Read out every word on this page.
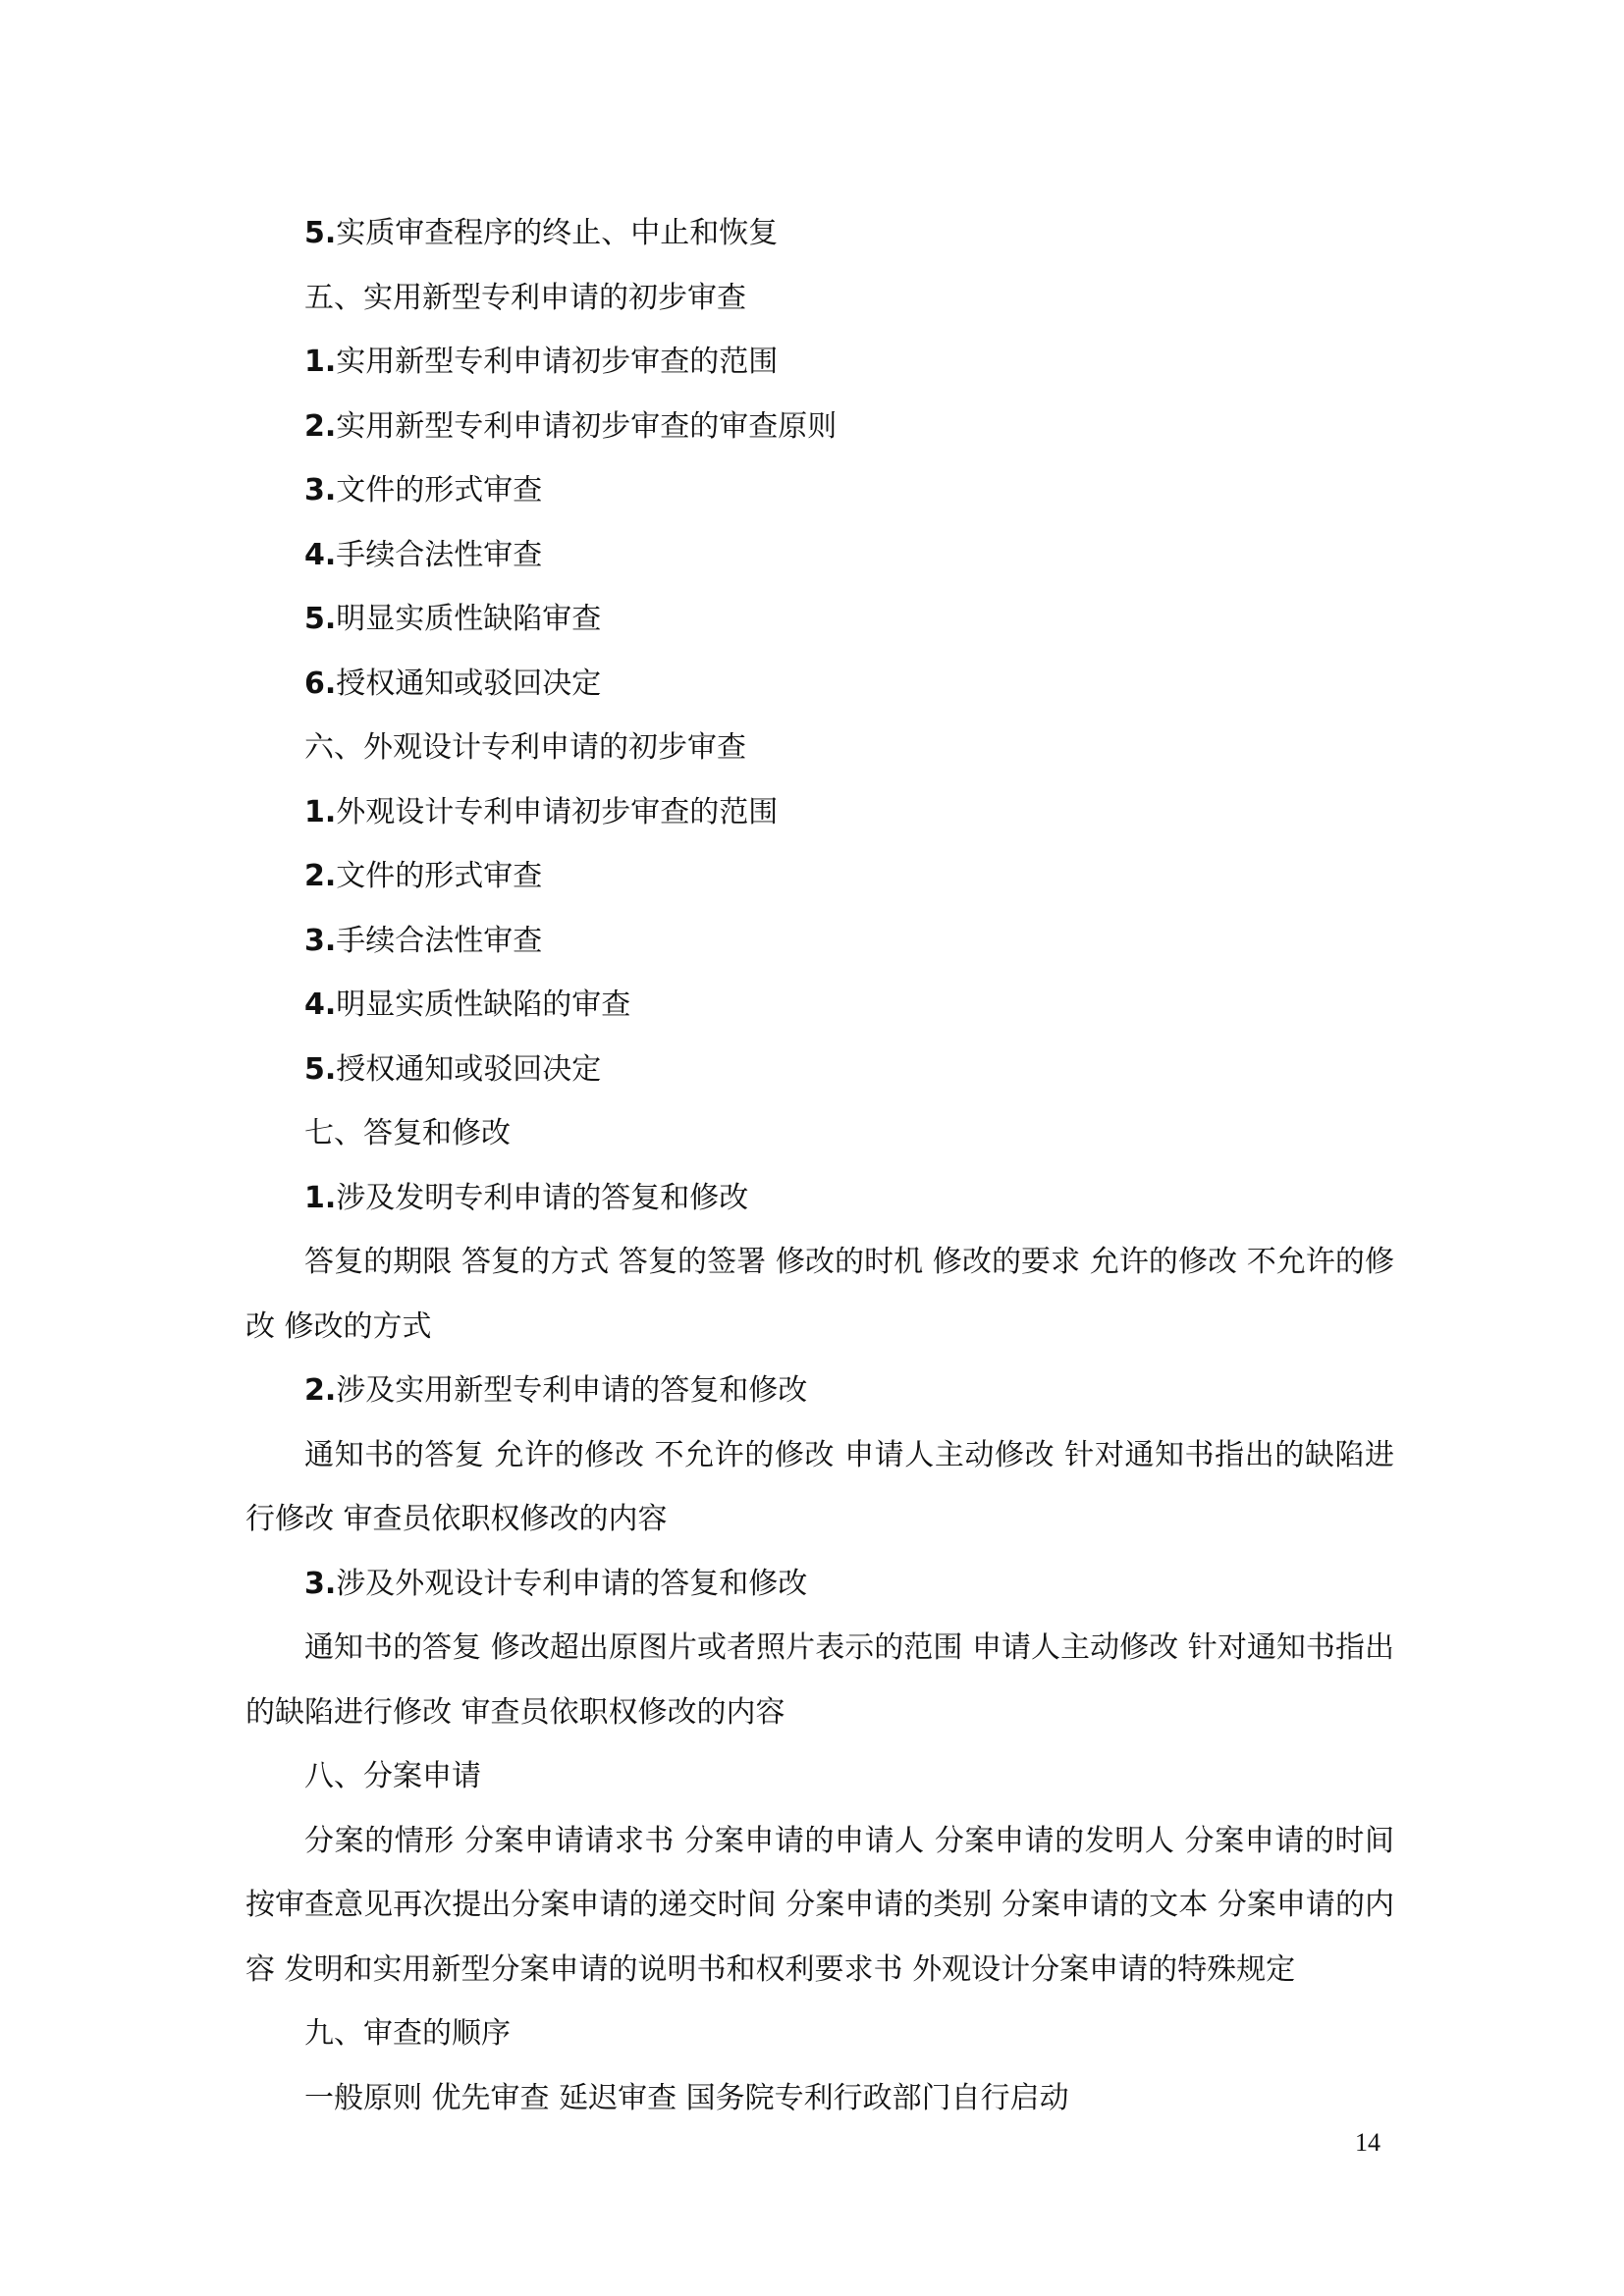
5.实质审查程序的终止、中止和恢复

五、实用新型专利申请的初步审查

1.实用新型专利申请初步审查的范围

2.实用新型专利申请初步审查的审查原则

3.文件的形式审查

4.手续合法性审查

5.明显实质性缺陷审查

6.授权通知或驳回决定

六、外观设计专利申请的初步审查

1.外观设计专利申请初步审查的范围

2.文件的形式审查

3.手续合法性审查

4.明显实质性缺陷的审查

5.授权通知或驳回决定

七、答复和修改

1.涉及发明专利申请的答复和修改

答复的期限 答复的方式 答复的签署 修改的时机 修改的要求 允许的修改 不允许的修改 修改的方式

2.涉及实用新型专利申请的答复和修改

通知书的答复 允许的修改 不允许的修改 申请人主动修改 针对通知书指出的缺陷进行修改 审查员依职权修改的内容

3.涉及外观设计专利申请的答复和修改

通知书的答复 修改超出原图片或者照片表示的范围 申请人主动修改 针对通知书指出的缺陷进行修改 审查员依职权修改的内容

八、分案申请

分案的情形 分案申请请求书 分案申请的申请人 分案申请的发明人 分案申请的时间 按审查意见再次提出分案申请的递交时间 分案申请的类别 分案申请的文本 分案申请的内容 发明和实用新型分案申请的说明书和权利要求书 外观设计分案申请的特殊规定

九、审查的顺序

一般原则 优先审查 延迟审查 国务院专利行政部门自行启动

14
